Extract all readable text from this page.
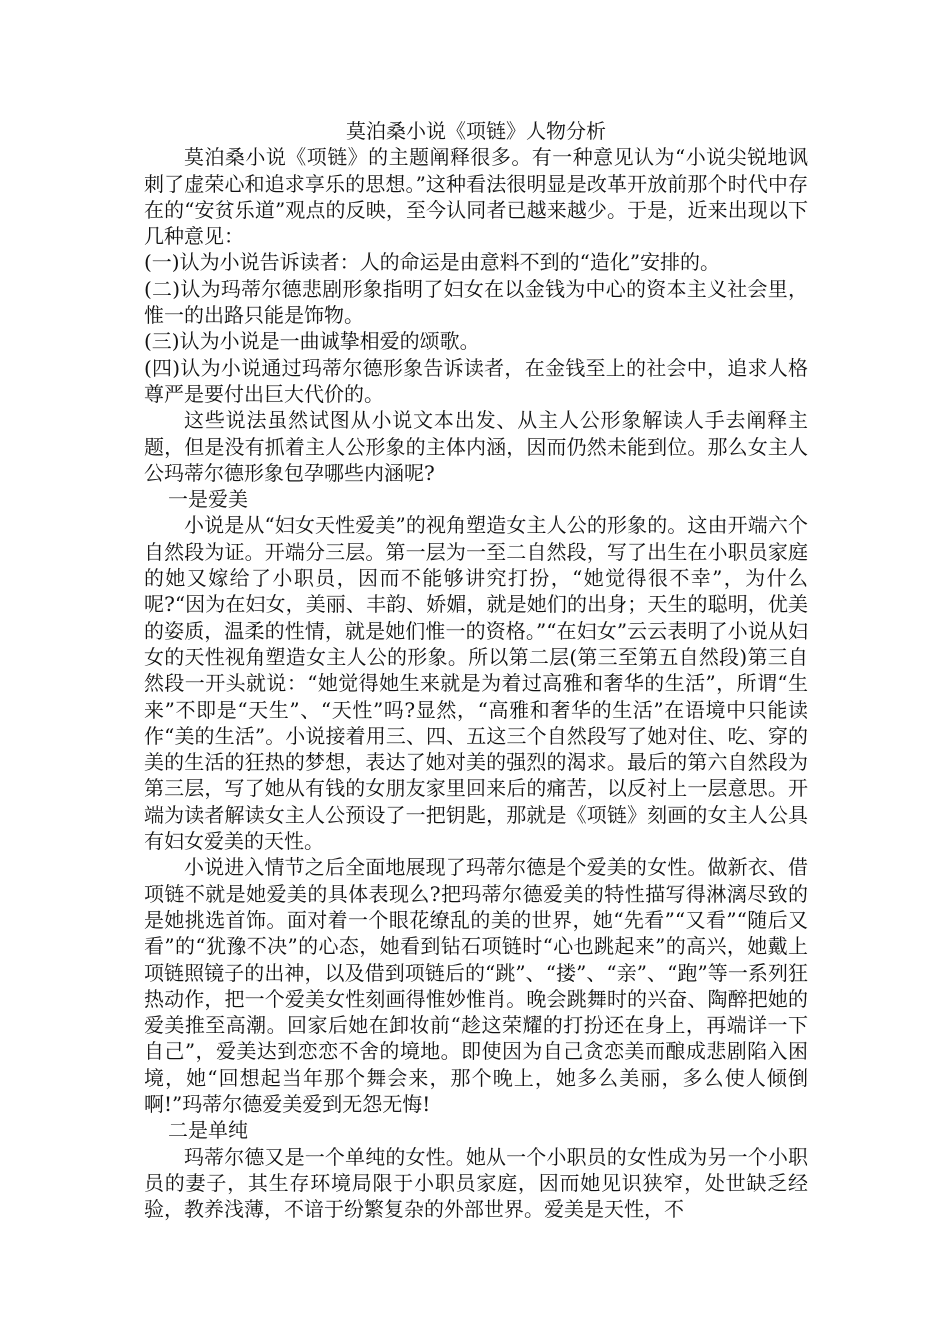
莫泊桑小说《项链》人物分析

莫泊桑小说《项链》的主题阐释很多。有一种意见认为“小说尖锐地讽刺了虚荣心和追求享乐的思想。”这种看法很明显是改革开放前那个时代中存在的“安贫乐道”观点的反映，至今认同者已越来越少。于是，近来出现以下几种意见：

(一)认为小说告诉读者：人的命运是由意料不到的“造化”安排的。

(二)认为玛蒂尔德悲剧形象指明了妇女在以金钱为中心的资本主义社会里，惟一的出路只能是饰物。

(三)认为小说是一曲诚挚相爱的颂歌。

(四)认为小说通过玛蒂尔德形象告诉读者，在金钱至上的社会中，追求人格尊严是要付出巨大代价的。

这些说法虽然试图从小说文本出发、从主人公形象解读人手去阐释主题，但是没有抓着主人公形象的主体内涵，因而仍然未能到位。那么女主人公玛蒂尔德形象包孕哪些内涵呢?

一是爱美

小说是从“妇女天性爱美”的视角塑造女主人公的形象的。这由开端六个自然段为证。开端分三层。第一层为一至二自然段，写了出生在小职员家庭的她又嫁给了小职员，因而不能够讲究打扮，“她觉得很不幸”，为什么呢?“因为在妇女，美丽、丰韵、娇媚，就是她们的出身；天生的聪明，优美的姿质，温柔的性情，就是她们惟一的资格。”“在妇女”云云表明了小说从妇女的天性视角塑造女主人公的形象。所以第二层(第三至第五自然段)第三自然段一开头就说：“她觉得她生来就是为着过高雅和奢华的生活”，所谓“生来”不即是“天生”、“天性”吗?显然，“高雅和奢华的生活”在语境中只能读作“美的生活”。小说接着用三、四、五这三个自然段写了她对住、吃、穿的美的生活的狂热的梦想，表达了她对美的强烈的渴求。最后的第六自然段为第三层，写了她从有钱的女朋友家里回来后的痛苦，以反衬上一层意思。开端为读者解读女主人公预设了一把钥匙，那就是《项链》刻画的女主人公具有妇女爱美的天性。

小说进入情节之后全面地展现了玛蒂尔德是个爱美的女性。做新衣、借项链不就是她爱美的具体表现么?把玛蒂尔德爱美的特性描写得淋漓尽致的是她挑选首饰。面对着一个眼花缭乱的美的世界，她“先看”“又看”“随后又看”的“犹豫不决”的心态，她看到钻石项链时“心也跳起来”的高兴，她戴上项链照镜子的出神，以及借到项链后的“跳”、“搂”、“亲”、“跑”等一系列狂热动作，把一个爱美女性刻画得惟妙惟肖。晚会跳舞时的兴奋、陶醉把她的爱美推至高潮。回家后她在卸妆前“趁这荣耀的打扮还在身上，再端详一下自己”，爱美达到恋恋不舍的境地。即使因为自己贪恋美而酿成悲剧陷入困境，她“回想起当年那个舞会来，那个晚上，她多么美丽，多么使人倾倒啊!”玛蒂尔德爱美爱到无怨无悔!

二是单纯

玛蒂尔德又是一个单纯的女性。她从一个小职员的女性成为另一个小职员的妻子，其生存环境局限于小职员家庭，因而她见识狭窄，处世缺乏经验，教养浅薄，不谙于纷繁复杂的外部世界。爱美是天性，不
